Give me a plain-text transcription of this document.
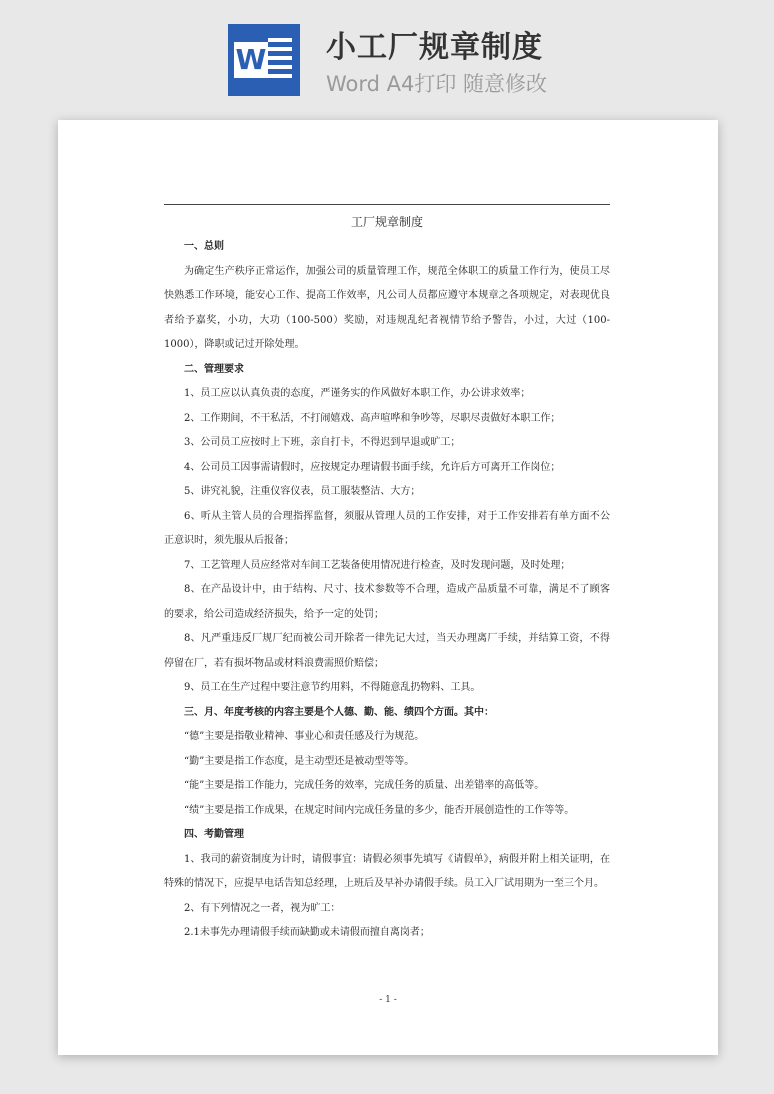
W 小工厂规章制度
Word A4打印 随意修改
工厂规章制度

一、总则

为确定生产秩序正常运作，加强公司的质量管理工作，规范全体职工的质量工作行为，使员工尽快熟悉工作环境，能安心工作、提高工作效率，凡公司人员都应遵守本规章之各项规定，对表现优良者给予嘉奖，小功，大功（100-500）奖励，对违规乱纪者视情节给予警告，小过，大过（100-1000），降职或记过开除处理。

二、管理要求

1、员工应以认真负责的态度，严谨务实的作风做好本职工作，办公讲求效率；

2、工作期间，不干私活，不打闹嬉戏、高声喧哗和争吵等，尽职尽责做好本职工作；

3、公司员工应按时上下班，亲自打卡，不得迟到早退或旷工；

4、公司员工因事需请假时，应按规定办理请假书面手续，允许后方可离开工作岗位；

5、讲究礼貌，注重仪容仪表，员工服装整洁、大方；

6、听从主管人员的合理指挥监督，须服从管理人员的工作安排，对于工作安排若有单方面不公正意识时，须先服从后报备；

7、工艺管理人员应经常对车间工艺装备使用情况进行检查，及时发现问题，及时处理；

8、在产品设计中，由于结构、尺寸、技术参数等不合理，造成产品质量不可靠，满足不了顾客的要求，给公司造成经济损失，给予一定的处罚；

8、凡严重违反厂规厂纪而被公司开除者一律先记大过，当天办理离厂手续，并结算工资，不得停留在厂，若有损坏物品或材料浪费需照价赔偿；

9、员工在生产过程中要注意节约用料，不得随意乱扔物料、工具。

三、月、年度考核的内容主要是个人德、勤、能、绩四个方面。其中：

“德”主要是指敬业精神、事业心和责任感及行为规范。

“勤”主要是指工作态度，是主动型还是被动型等等。

“能”主要是指工作能力，完成任务的效率，完成任务的质量、出差错率的高低等。

“绩”主要是指工作成果，在规定时间内完成任务量的多少，能否开展创造性的工作等等。

四、考勤管理

1、我司的薪资制度为计时，请假事宜：请假必须事先填写《请假单》，病假并附上相关证明，在特殊的情况下，应提早电话告知总经理，上班后及早补办请假手续。员工入厂试用期为一至三个月。

2、有下列情况之一者，视为旷工：

2.1未事先办理请假手续而缺勤或未请假而擅自离岗者；

- 1 -
